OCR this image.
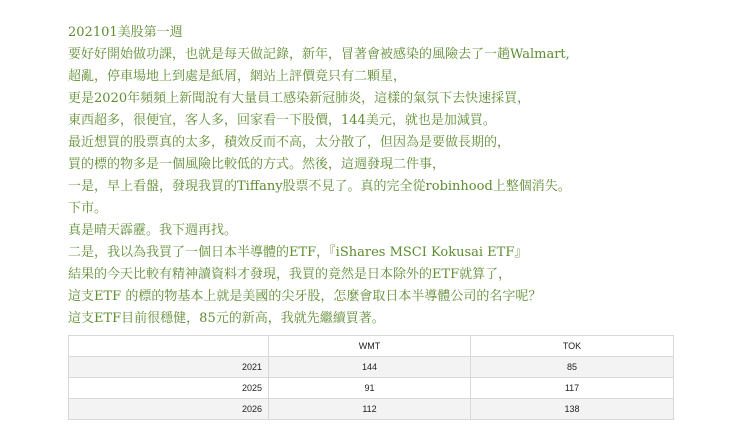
202101美股第一週
要好好開始做功課，也就是每天做記錄，新年，冒著會被感染的風險去了一趟Walmart,
超亂，停車場地上到處是紙屑，網站上評價竟只有二顆星，
更是2020年頻頻上新聞說有大量員工感染新冠肺炎，這樣的氣氛下去快速採買，
東西超多，很便宜，客人多，回家看一下股價，144美元，就也是加減買。
最近想買的股票真的太多，積效反而不高，太分散了，但因為是要做長期的，
買的標的物多是一個風險比較低的方式。然後，這週發現二件事，
一是，早上看盤，發現我買的Tiffany股票不見了。真的完全從robinhood上整個消失。
下市。
真是晴天霹靂。我下週再找。
二是，我以為我買了一個日本半導體的ETF，『iShares MSCI Kokusai ETF』
結果的今天比較有精神讀資料才發現，我買的竟然是日本除外的ETF就算了，
這支ETF 的標的物基本上就是美國的尖牙股，怎麼會取日本半導體公司的名字呢？
這支ETF目前很穩健，85元的新高，我就先繼續買著。
	WMT	TOK
2021	144	85
2025	91	117
2026	112	138
